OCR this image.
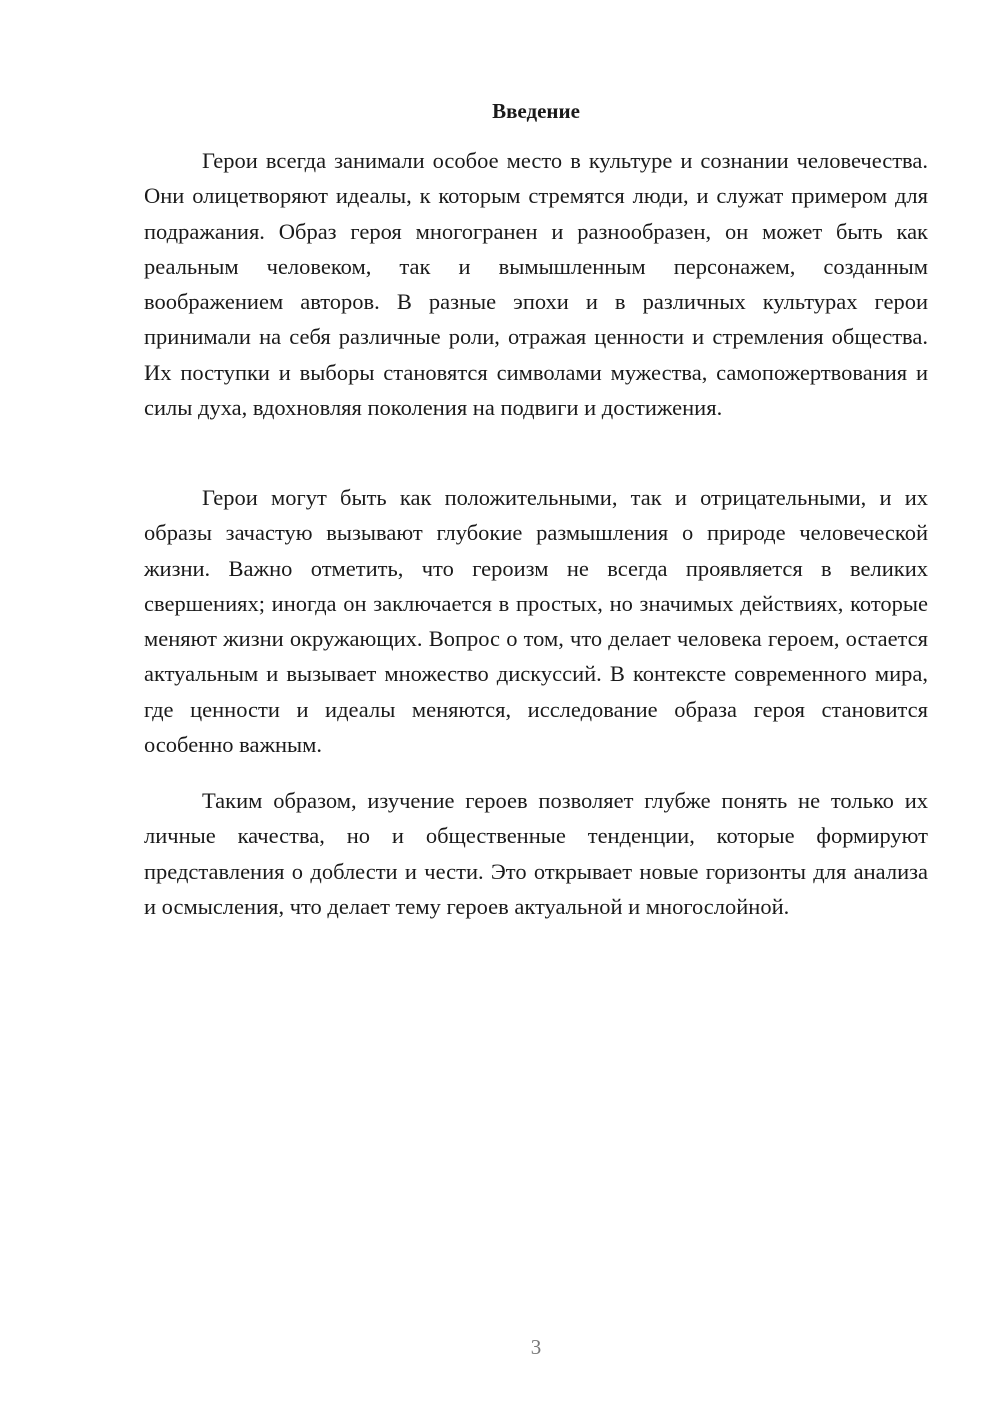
Введение

Герои всегда занимали особое место в культуре и сознании человечества. Они олицетворяют идеалы, к которым стремятся люди, и служат примером для подражания. Образ героя многогранен и разнообразен, он может быть как реальным человеком, так и вымышленным персонажем, созданным воображением авторов. В разные эпохи и в различных культурах герои принимали на себя различные роли, отражая ценности и стремления общества. Их поступки и выборы становятся символами мужества, самопожертвования и силы духа, вдохновляя поколения на подвиги и достижения.

Герои могут быть как положительными, так и отрицательными, и их образы зачастую вызывают глубокие размышления о природе человеческой жизни. Важно отметить, что героизм не всегда проявляется в великих свершениях; иногда он заключается в простых, но значимых действиях, которые меняют жизни окружающих. Вопрос о том, что делает человека героем, остается актуальным и вызывает множество дискуссий. В контексте современного мира, где ценности и идеалы меняются, исследование образа героя становится особенно важным.

Таким образом, изучение героев позволяет глубже понять не только их личные качества, но и общественные тенденции, которые формируют представления о доблести и чести. Это открывает новые горизонты для анализа и осмысления, что делает тему героев актуальной и многослойной.

3
